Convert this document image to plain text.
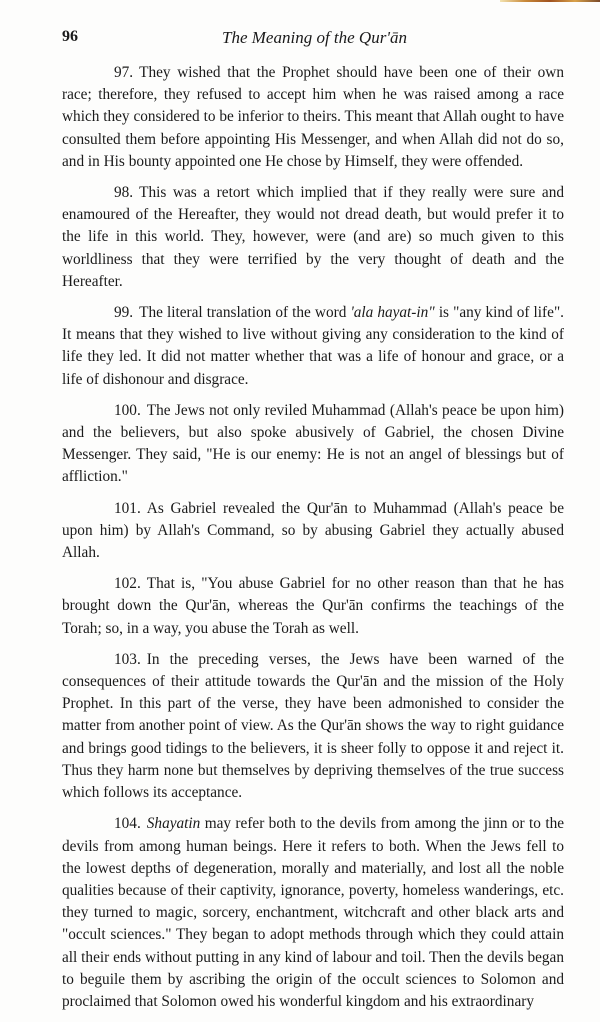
96	The Meaning of the Qur'ān

97. They wished that the Prophet should have been one of their own race; therefore, they refused to accept him when he was raised among a race which they considered to be inferior to theirs. This meant that Allah ought to have consulted them before appointing His Messenger, and when Allah did not do so, and in His bounty appointed one He chose by Himself, they were offended.

98. This was a retort which implied that if they really were sure and enamoured of the Hereafter, they would not dread death, but would prefer it to the life in this world. They, however, were (and are) so much given to this worldliness that they were terrified by the very thought of death and the Hereafter.

99. The literal translation of the word 'ala hayat-in" is "any kind of life". It means that they wished to live without giving any consideration to the kind of life they led. It did not matter whether that was a life of honour and grace, or a life of dishonour and disgrace.

100. The Jews not only reviled Muhammad (Allah's peace be upon him) and the believers, but also spoke abusively of Gabriel, the chosen Divine Messenger. They said, "He is our enemy: He is not an angel of blessings but of affliction."

101. As Gabriel revealed the Qur'ān to Muhammad (Allah's peace be upon him) by Allah's Command, so by abusing Gabriel they actually abused Allah.

102. That is, "You abuse Gabriel for no other reason than that he has brought down the Qur'ān, whereas the Qur'ān confirms the teachings of the Torah; so, in a way, you abuse the Torah as well.

103. In the preceding verses, the Jews have been warned of the consequences of their attitude towards the Qur'ān and the mission of the Holy Prophet. In this part of the verse, they have been admonished to consider the matter from another point of view. As the Qur'ān shows the way to right guidance and brings good tidings to the believers, it is sheer folly to oppose it and reject it. Thus they harm none but themselves by depriving themselves of the true success which follows its acceptance.

104. Shayatin may refer both to the devils from among the jinn or to the devils from among human beings. Here it refers to both. When the Jews fell to the lowest depths of degeneration, morally and materially, and lost all the noble qualities because of their captivity, ignorance, poverty, homeless wanderings, etc. they turned to magic, sorcery, enchantment, witchcraft and other black arts and "occult sciences." They began to adopt methods through which they could attain all their ends without putting in any kind of labour and toil. Then the devils began to beguile them by ascribing the origin of the occult sciences to Solomon and proclaimed that Solomon owed his wonderful kingdom and his extraordinary
